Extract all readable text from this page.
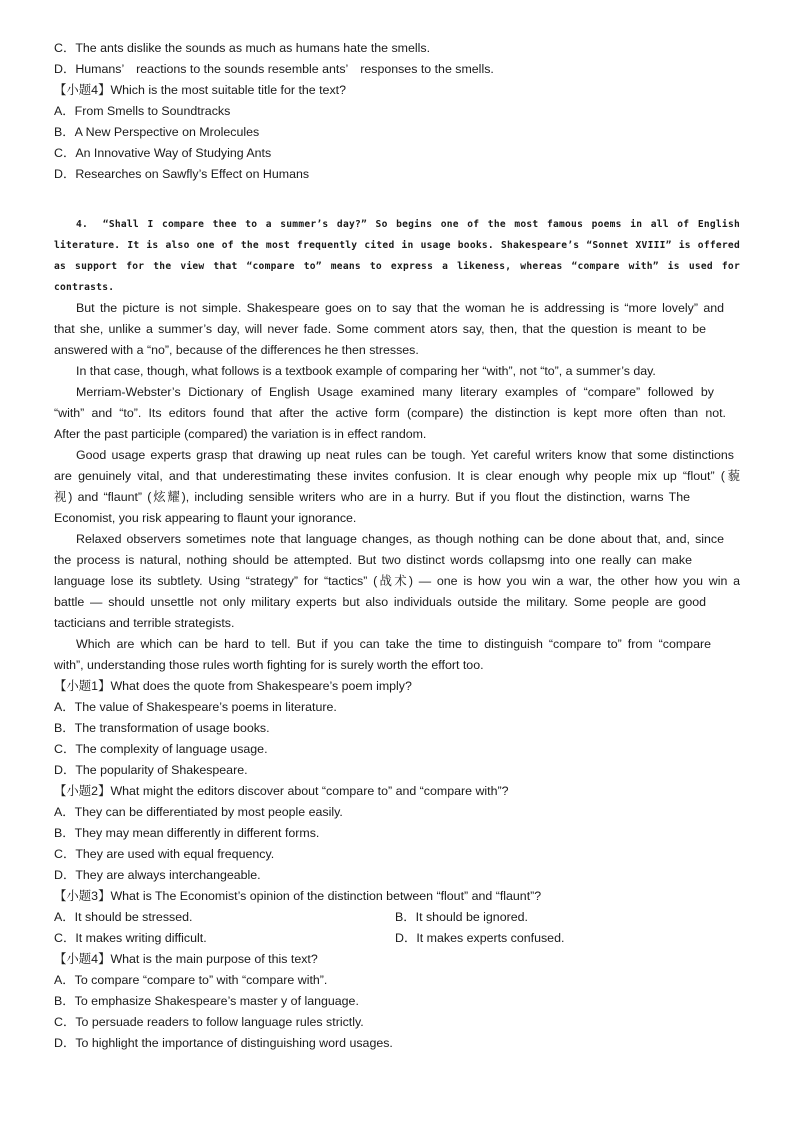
C．The ants dislike the sounds as much as humans hate the smells.
D．Humans’　reactions to the sounds resemble ants’　responses to the smells.
【小题4】Which is the most suitable title for the text?
A．From Smells to Soundtracks
B．A New Perspective on Mrolecules
C．An Innovative Way of Studying Ants
D．Researches on Sawfly’s Effect on Humans
4.　“Shall I compare thee to a summer’s day?” So begins one of the most famous poems in all of English
literature. It is also one of the most frequently cited in usage books. Shakespeare’s “Sonnet XVIII” is offered
as support for the view that “compare to” means to express a likeness, whereas “compare with” is used for
contrasts.
But the picture is not simple. Shakespeare goes on to say that the woman he is addressing is “more lovely” and
that she, unlike a summer’s day, will never fade. Some comment ators say, then, that the question is meant to be
answered with a “no”, because of the differences he then stresses.
In that case, though, what follows is a textbook example of comparing her “with”, not “to”, a summer’s day.
Merriam-Webster’s Dictionary of English Usage examined many literary examples of “compare” followed by
“with” and “to”. Its editors found that after the active form (compare) the distinction is kept more often than not.
After the past participle (compared) the variation is in effect random.
Good usage experts grasp that drawing up neat rules can be tough. Yet careful writers know that some distinctions
are genuinely vital, and that underestimating these invites confusion. It is clear enough why people mix up “flout” (藐
视) and “flaunt” (炫耀), including sensible writers who are in a hurry. But if you flout the distinction, warns The
Economist, you risk appearing to flaunt your ignorance.
Relaxed observers sometimes note that language changes, as though nothing can be done about that, and, since
the process is natural, nothing should be attempted. But two distinct words collapsmg into one really can make
language lose its subtlety. Using “strategy” for “tactics” (战术) — one is how you win a war, the other how you win a
battle — should unsettle not only military experts but also individuals outside the military. Some people are good
tacticians and terrible strategists.
Which are which can be hard to tell. But if you can take the time to distinguish “compare to” from “compare
with”, understanding those rules worth fighting for is surely worth the effort too.
【小题1】What does the quote from Shakespeare’s poem imply?
A．The value of Shakespeare’s poems in literature.
B．The transformation of usage books.
C．The complexity of language usage.
D．The popularity of Shakespeare.
【小题2】What might the editors discover about “compare to” and “compare with”?
A．They can be differentiated by most people easily.
B．They may mean differently in different forms.
C．They are used with equal frequency.
D．They are always interchangeable.
【小题3】What is The Economist’s opinion of the distinction between “flout” and “flaunt”?
A．It should be stressed.	B．It should be ignored.
C．It makes writing difficult.	D．It makes experts confused.
【小题4】What is the main purpose of this text?
A．To compare “compare to” with “compare with”.
B．To emphasize Shakespeare’s master y of language.
C．To persuade readers to follow language rules strictly.
D．To highlight the importance of distinguishing word usages.
